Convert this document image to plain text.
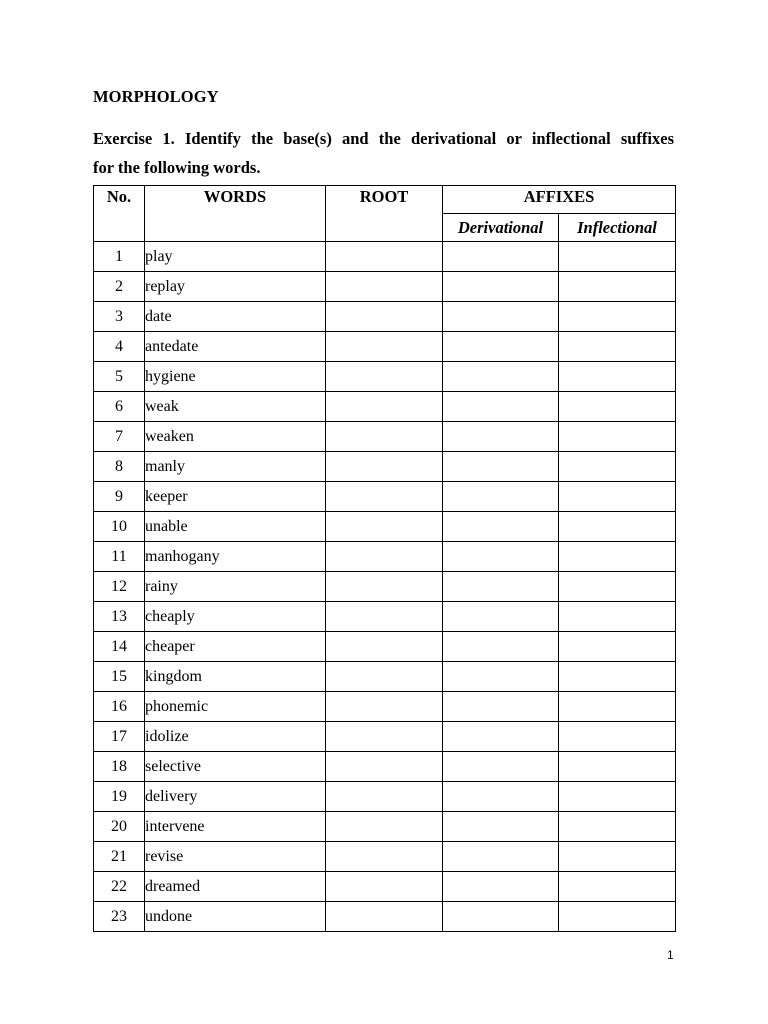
MORPHOLOGY
Exercise 1. Identify the base(s) and the derivational or inflectional suffixes
for the following words.
No.	WORDS	ROOT	AFFIXES	
			Derivational	Inflectional
1	play			
2	replay			
3	date			
4	antedate			
5	hygiene			
6	weak			
7	weaken			
8	manly			
9	keeper			
10	unable			
11	manhogany			
12	rainy			
13	cheaply			
14	cheaper			
15	kingdom			
16	phonemic			
17	idolize			
18	selective			
19	delivery			
20	intervene			
21	revise			
22	dreamed			
23	undone			
1
